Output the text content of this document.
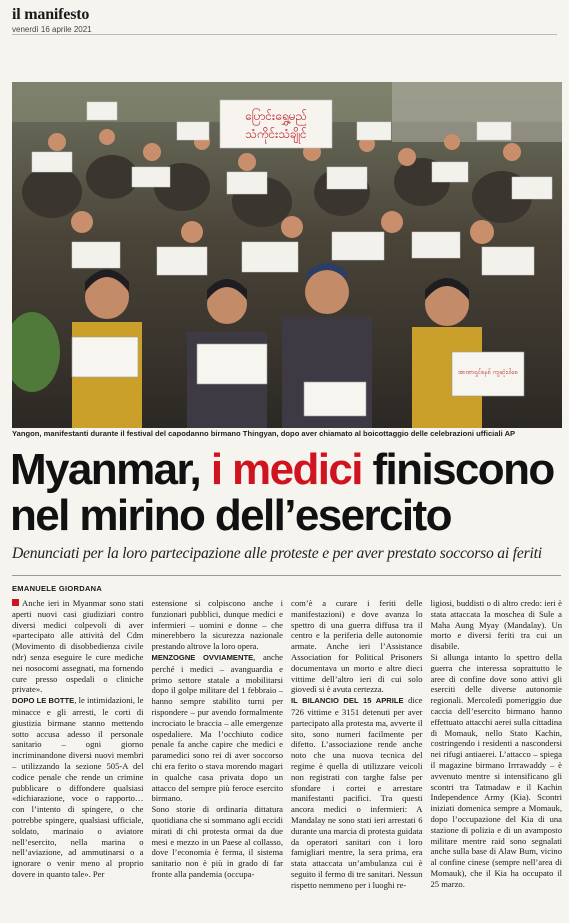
il manifesto
venerdì 16 aprile 2021
ပြောင်းရွှေ့မည်
သံကိုင်းသံချိုင်
အာဏာရှင်စနစ် ကျဆုံးပါစေ
Yangon, manifestanti durante il festival del capodanno birmano Thingyan, dopo aver chiamato al boicottaggio delle celebrazioni ufficiali AP
Myanmar, i medici finiscono nel mirino dell’esercito
Denunciati per la loro partecipazione alle proteste e per aver prestato soccorso ai feriti
EMANUELE GIORDANA

Anche ieri in Myanmar sono stati aperti nuovi casi giudiziari contro diversi medici colpevoli di aver «partecipato alle attività del Cdm (Movimento di disobbedienza civile ndr) senza eseguire le cure mediche nei nosocomi assegnati, ma fornendo cure presso ospedali o cliniche private».

DOPO LE BOTTE, le intimidazioni, le minacce e gli arresti, le corti di giustizia birmane stanno mettendo sotto accusa adesso il personale sanitario – ogni giorno incriminandone diversi nuovi membri – utilizzando la sezione 505-A del codice penale che rende un crimine pubblicare o diffondere qualsiasi «dichiarazione, voce o rapporto… con l’intento di spingere, o che potrebbe spingere, qualsiasi ufficiale, soldato, marinaio o aviatore nell’esercito, nella marina o nell’aviazione, ad ammutinarsi o a ignorare o venir meno al proprio dovere in quanto tale». Per

estensione si colpiscono anche i funzionari pubblici, dunque medici e infermieri – uomini e donne – che minerebbero la sicurezza nazionale prestando altrove la loro opera.

MENZOGNE OVVIAMENTE, anche perché i medici – avanguardia e primo settore statale a mobilitarsi dopo il golpe militare del 1 febbraio – hanno sempre stabilito turni per rispondere – pur avendo formalmente incrociato le braccia – alle emergenze ospedaliere. Ma l’occhiuto codice penale fa anche capire che medici e paramedici sono rei di aver soccorso chi era ferito o stava morendo magari in qualche casa privata dopo un attacco del sempre più feroce esercito birmano.

Sono storie di ordinaria dittatura quotidiana che si sommano agli eccidi mirati di chi protesta ormai da due mesi e mezzo in un Paese al collasso, dove l’economia è ferma, il sistema sanitario non è più in grado di far fronte alla pandemia (occupa-

com’è a curare i feriti delle manifestazioni) e dove avanza lo spettro di una guerra diffusa tra il centro e la periferia delle autonomie armate. Anche ieri l’Assistance Association for Political Prisoners documentava un morto e altre dieci vittime dell’altro ieri di cui solo giovedì si è avuta certezza.

IL BILANCIO DEL 15 APRILE dice 726 vittime e 3151 detenuti per aver partecipato alla protesta ma, avverte il sito, sono numeri facilmente per difetto. L’associazione rende anche noto che una nuova tecnica del regime è quella di utilizzare veicoli non registrati con targhe false per sfondare i cortei e arrestare manifestanti pacifici. Tra questi ancora medici o infermieri: A Mandalay ne sono stati ieri arrestati 6 durante una marcia di protesta guidata da operatori sanitari con i loro famigliari mentre, la sera prima, era stata attaccata un’ambulanza cui è seguito il fermo di tre sanitari. Nessun rispetto nemmeno per i luoghi re-

ligiosi, buddisti o di altro credo: ieri è stata attaccata la moschea di Sule a Maha Aung Myay (Mandalay). Un morto e diversi feriti tra cui un disabile.

Si allunga intanto lo spettro della guerra che interessa soprattutto le aree di confine dove sono attivi gli eserciti delle diverse autonomie regionali. Mercoledì pomeriggio due caccia dell’esercito birmano hanno effettuato attacchi aerei sulla cittadina di Momauk, nello Stato Kachin, costringendo i residenti a nascondersi nei rifugi antiaerei. L’attacco – spiega il magazine birmano Irrrawaddy – è avvenuto mentre si intensificano gli scontri tra Tatmadaw e il Kachin Independence Army (Kia). Scontri iniziati domenica sempre a Momauk, dopo l’occupazione del Kia di una stazione di polizia e di un avamposto militare mentre raid sono segnalati anche sulla base di Alaw Bum, vicino al confine cinese (sempre nell’area di Momauk), che il Kia ha occupato il 25 marzo.
